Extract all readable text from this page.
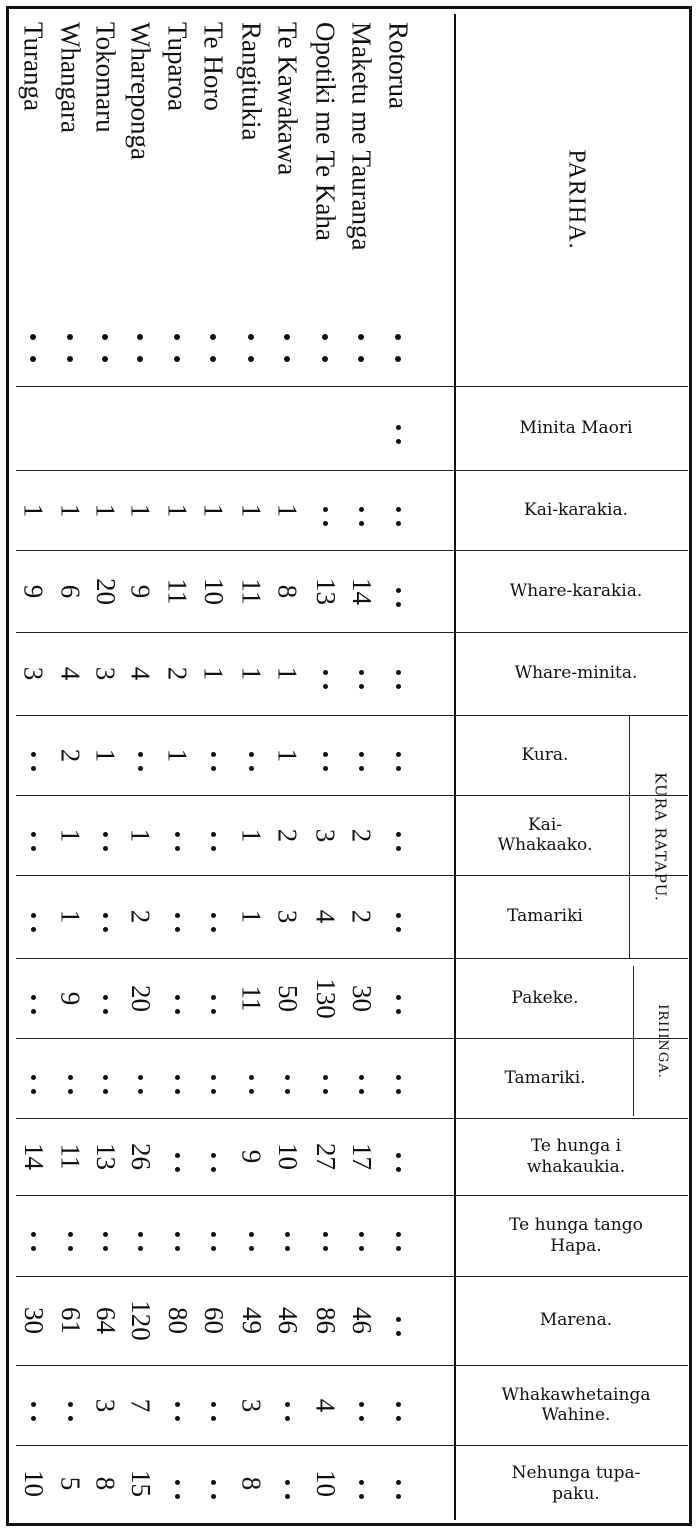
PARIHA.
Minita Maori
Kai-karakia.
Whare-karakia.
Whare-minita.
Kura.
Kai-
Whakaako.
Tamariki
Pakeke.
Tamariki.
Te hunga i
whakaukia.
Te hunga tango
Hapa.
Marena.
Whakawhetainga
Wahine.
Nehunga tupa-
paku.
KURA RATAPU.
IRIIINGA.
Rotorua
Maketu me Tauranga
Opotiki me Te Kaha
Te Kawakawa
Rangitukia
Te Horo
Tuparoa
Wharepong​a
Tokomaru
Whangara
Turanga
1
1
1
1
1
1
1
1
14
13
8
11
10
11
9
20
6
9
1
1
1
2
4
3
4
3
1
1
1
2
2
3
2
1
1
1
2
4
3
1
2
1
30
130
50
11
20
9
17
27
10
9
26
13
11
14
46
86
46
49
60
80
120
64
61
30
4
3
7
3
10
8
15
8
5
10
